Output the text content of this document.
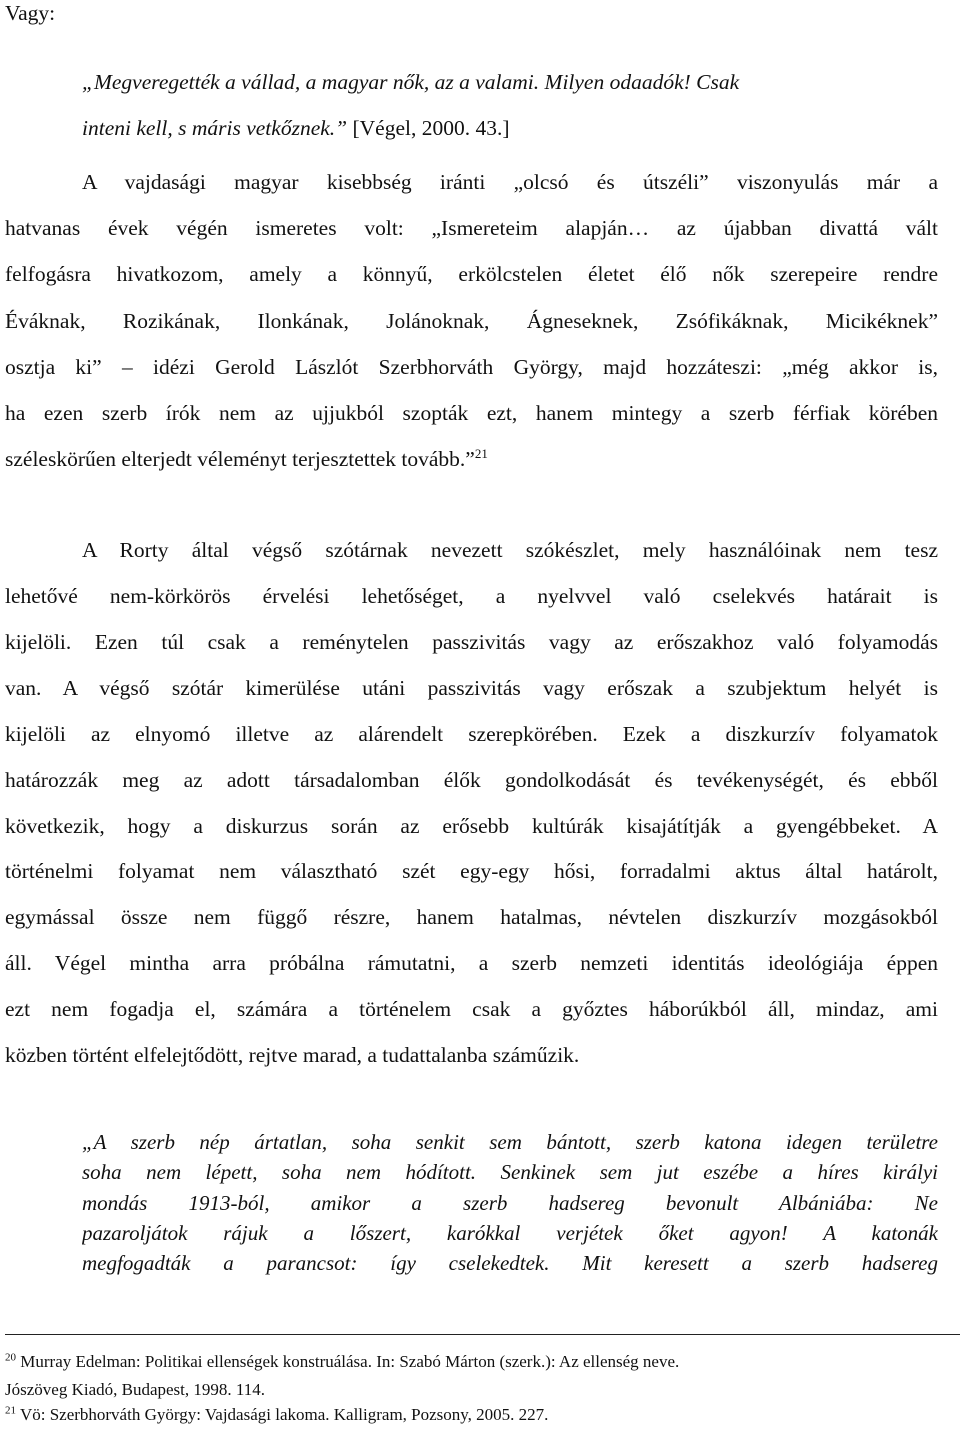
Vagy:
„Megveregették a vállad, a magyar nők, az a valami. Milyen odaadók! Csak
inteni kell, s máris vetkőznek.” [Végel, 2000. 43.]
A vajdasági magyar kisebbség iránti „olcsó és útszéli” viszonyulás már a
hatvanas évek végén ismeretes volt: „Ismereteim alapján… az újabban divattá vált
felfogásra hivatkozom, amely a könnyű, erkölcstelen életet élő nők szerepeire rendre
Éváknak, Rozikának, Ilonkának, Jolánoknak, Ágneseknek, Zsófikáknak, Micikéknek”
osztja ki” – idézi Gerold Lászlót Szerbhorváth György, majd hozzáteszi: „még akkor is,
ha ezen szerb írók nem az ujjukból szopták ezt, hanem mintegy a szerb férfiak körében
széleskörűen elterjedt véleményt terjesztettek tovább.”$^{21}$
A Rorty által végső szótárnak nevezett szókészlet, mely használóinak nem tesz
lehetővé nem-körkörös érvelési lehetőséget, a nyelvvel való cselekvés határait is
kijelöli. Ezen túl csak a reménytelen passzivitás vagy az erőszakhoz való folyamodás
van. A végső szótár kimerülése utáni passzivitás vagy erőszak a szubjektum helyét is
kijelöli az elnyomó illetve az alárendelt szerepkörében. Ezek a diszkurzív folyamatok
határozzák meg az adott társadalomban élők gondolkodását és tevékenységét, és ebből
következik, hogy a diskurzus során az erősebb kultúrák kisajátítják a gyengébbeket. A
történelmi folyamat nem választható szét egy-egy hősi, forradalmi aktus által határolt,
egymással össze nem függő részre, hanem hatalmas, névtelen diszkurzív mozgásokból
áll. Végel mintha arra próbálna rámutatni, a szerb nemzeti identitás ideológiája éppen
ezt nem fogadja el, számára a történelem csak a győztes háborúkból áll, mindaz, ami
közben történt elfelejtődött, rejtve marad, a tudattalanba száműzik.
„A szerb nép ártatlan, soha senkit sem bántott, szerb katona idegen területre
soha nem lépett, soha nem hódított. Senkinek sem jut eszébe a híres királyi
mondás 1913-ból, amikor a szerb hadsereg bevonult Albániába: Ne
pazaroljátok rájuk a lőszert, karókkal verjétek őket agyon! A katonák
megfogadták a parancsot: így cselekedtek. Mit keresett a szerb hadsereg
$^{20}$ Murray Edelman: Politikai ellenségek konstruálása. In: Szabó Márton (szerk.): Az ellenség neve.
Jószöveg Kiadó, Budapest, 1998. 114.
$^{21}$ Vö: Szerbhorváth György: Vajdasági lakoma. Kalligram, Pozsony, 2005. 227.
